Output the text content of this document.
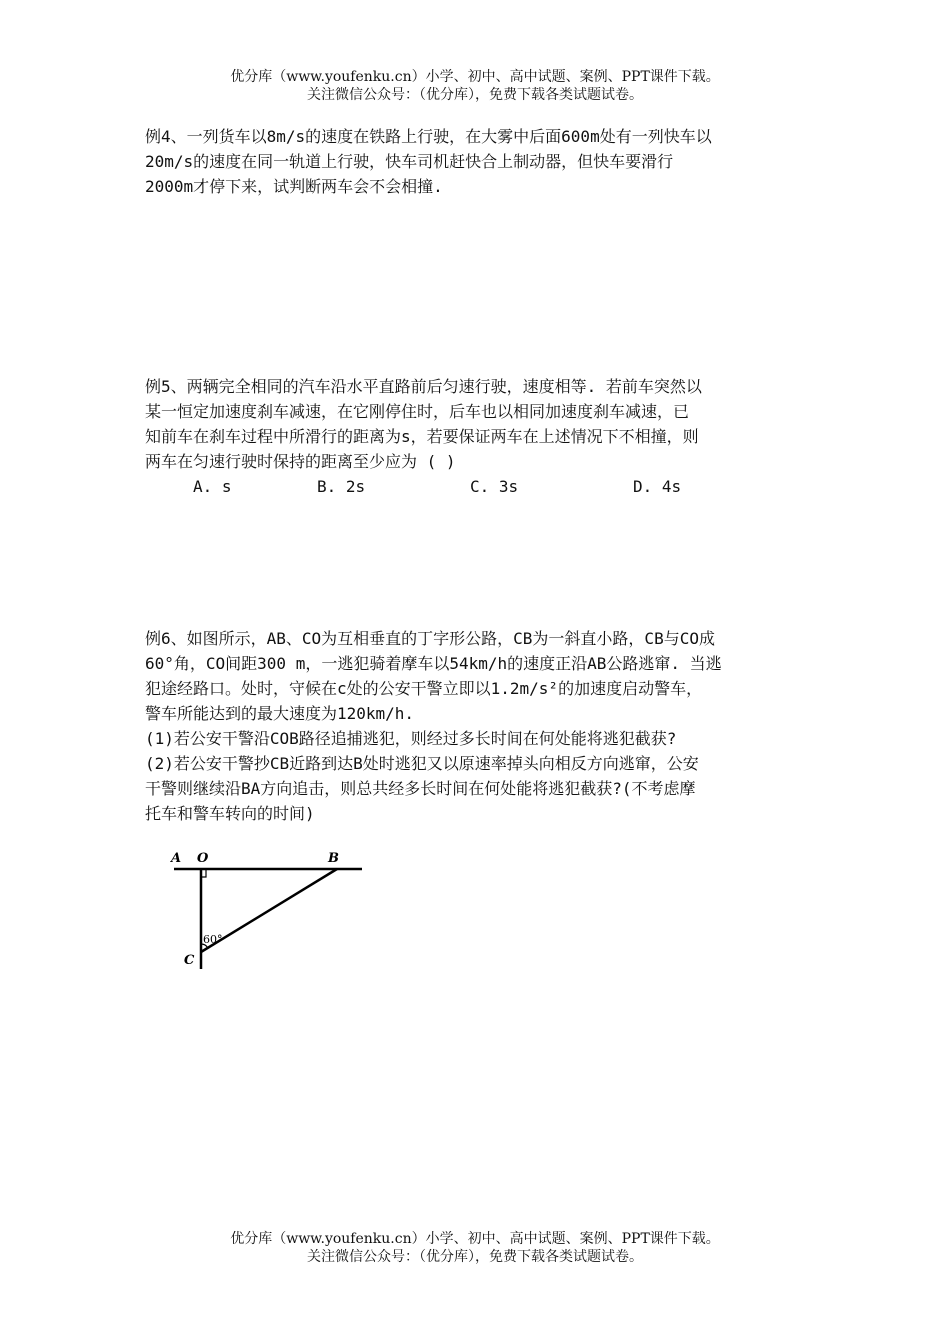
优分库（www.youfenku.cn）小学、初中、高中试题、案例、PPT课件下载。
关注微信公众号：（优分库），免费下载各类试题试卷。

例4、一列货车以8m/s的速度在铁路上行驶，在大雾中后面600m处有一列快车以

20m/s的速度在同一轨道上行驶，快车司机赶快合上制动器，但快车要滑行

2000m才停下来，试判断两车会不会相撞.

例5、两辆完全相同的汽车沿水平直路前后匀速行驶，速度相等. 若前车突然以

某一恒定加速度刹车减速，在它刚停住时，后车也以相同加速度刹车减速，已

知前车在刹车过程中所滑行的距离为s，若要保证两车在上述情况下不相撞，则

两车在匀速行驶时保持的距离至少应为 ( )

A. s	B. 2s	C. 3s	D. 4s

例6、如图所示，AB、CO为互相垂直的丁字形公路，CB为一斜直小路，CB与CO成

60°角，CO间距300 m，一逃犯骑着摩车以54km/h的速度正沿AB公路逃窜. 当逃

犯途经路口。处时，守候在c处的公安干警立即以1.2m/s²的加速度启动警车，

警车所能达到的最大速度为120km/h.

(1)若公安干警沿COB路径追捕逃犯，则经过多长时间在何处能将逃犯截获?

(2)若公安干警抄CB近路到达B处时逃犯又以原速率掉头向相反方向逃窜，公安

干警则继续沿BA方向追击，则总共经多长时间在何处能将逃犯截获?(不考虑摩

托车和警车转向的时间)

A O	B
C
60°
优分库（www.youfenku.cn）小学、初中、高中试题、案例、PPT课件下载。
关注微信公众号：（优分库），免费下载各类试题试卷。
